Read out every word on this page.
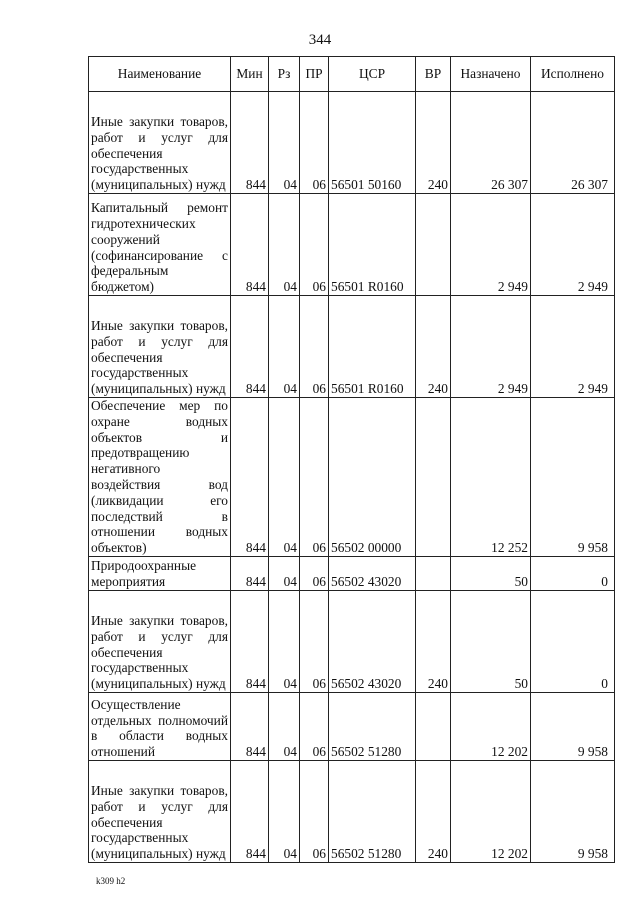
344
Наименование	Мин	Рз	ПР	ЦСР	ВР	Назначено	Исполнено
Иные закупки товаров, работ и услуг для обеспечения государственных (муниципальных) нужд	844	04	06	56501 50160	240	26 307	26 307
Капитальный ремонт гидротехнических сооружений (софинансирование с федеральным бюджетом)	844	04	06	56501 R0160		2 949	2 949
Иные закупки товаров, работ и услуг для обеспечения государственных (муниципальных) нужд	844	04	06	56501 R0160	240	2 949	2 949
Обеспечение мер по охране водных объектов и предотвращению негативного воздействия вод (ликвидации его последствий в отношении водных объектов)	844	04	06	56502 00000		12 252	9 958
Природоохранные мероприятия	844	04	06	56502 43020		50	0
Иные закупки товаров, работ и услуг для обеспечения государственных (муниципальных) нужд	844	04	06	56502 43020	240	50	0
Осуществление отдельных полномочий в области водных отношений	844	04	06	56502 51280		12 202	9 958
Иные закупки товаров, работ и услуг для обеспечения государственных (муниципальных) нужд	844	04	06	56502 51280	240	12 202	9 958
k309 h2
